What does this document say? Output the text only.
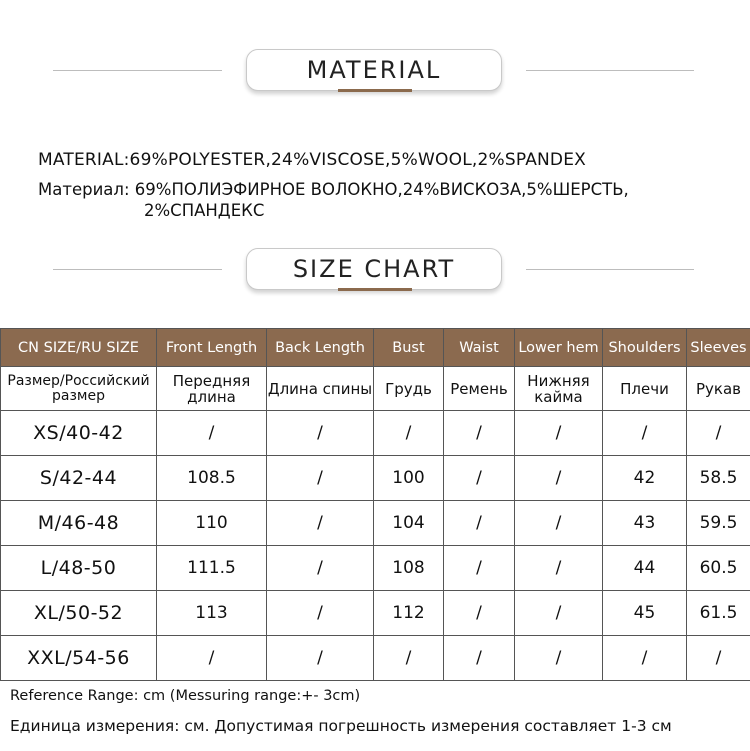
MATERIAL
MATERIAL:69%POLYESTER,24%VISCOSE,5%WOOL,2%SPANDEX
Материал: 69%ПОЛИЭФИРНОЕ ВОЛОКНО,24%ВИСКОЗА,5%ШЕРСТЬ,
2%СПАНДЕКС
SIZE CHART
CN SIZE/RU SIZE	Front Length	Back Length	Bust	Waist	Lower hem	Shoulders	Sleeves
Размер/Российский размер	Передняя длина	Длина спины	Грудь	Ремень	Нижняя кайма	Плечи	Рукав
XS/40-42	/	/	/	/	/	/	/
S/42-44	108.5	/	100	/	/	42	58.5
M/46-48	110	/	104	/	/	43	59.5
L/48-50	111.5	/	108	/	/	44	60.5
XL/50-52	113	/	112	/	/	45	61.5
XXL/54-56	/	/	/	/	/	/	/
Reference Range: cm (Messuring range:+- 3cm)
Единица измерения: см. Допустимая погрешность измерения составляет 1-3 см
